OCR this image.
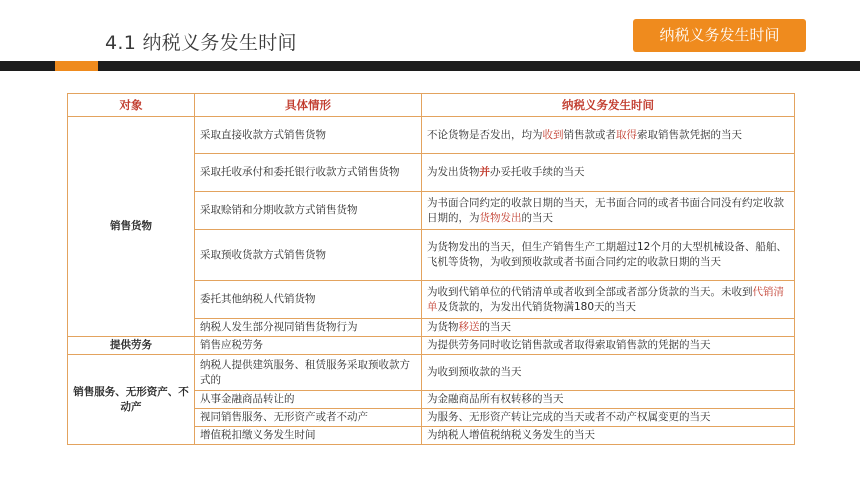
4.1 纳税义务发生时间	纳税义务发生时间
对象	具体情形	纳税义务发生时间
销售货物	采取直接收款方式销售货物	不论货物是否发出，均为收到销售款或者取得索取销售款凭据的当天
	采取托收承付和委托银行收款方式销售货物	为发出货物并办妥托收手续的当天
	采取赊销和分期收款方式销售货物	为书面合同约定的收款日期的当天，无书面合同的或者书面合同没有约定收款日期的，为货物发出的当天
	采取预收货款方式销售货物	为货物发出的当天，但生产销售生产工期超过12个月的大型机械设备、船舶、飞机等货物，为收到预收款或者书面合同约定的收款日期的当天
	委托其他纳税人代销货物	为收到代销单位的代销清单或者收到全部或者部分货款的当天。未收到代销清单及货款的，为发出代销货物满180天的当天
	纳税人发生部分视同销售货物行为	为货物移送的当天
提供劳务	销售应税劳务	为提供劳务同时收讫销售款或者取得索取销售款的凭据的当天
销售服务、无形资产、不动产	纳税人提供建筑服务、租赁服务采取预收款方式的	为收到预收款的当天
	从事金融商品转让的	为金融商品所有权转移的当天
	视同销售服务、无形资产或者不动产	为服务、无形资产转让完成的当天或者不动产权属变更的当天
	增值税扣缴义务发生时间	为纳税人增值税纳税义务发生的当天
